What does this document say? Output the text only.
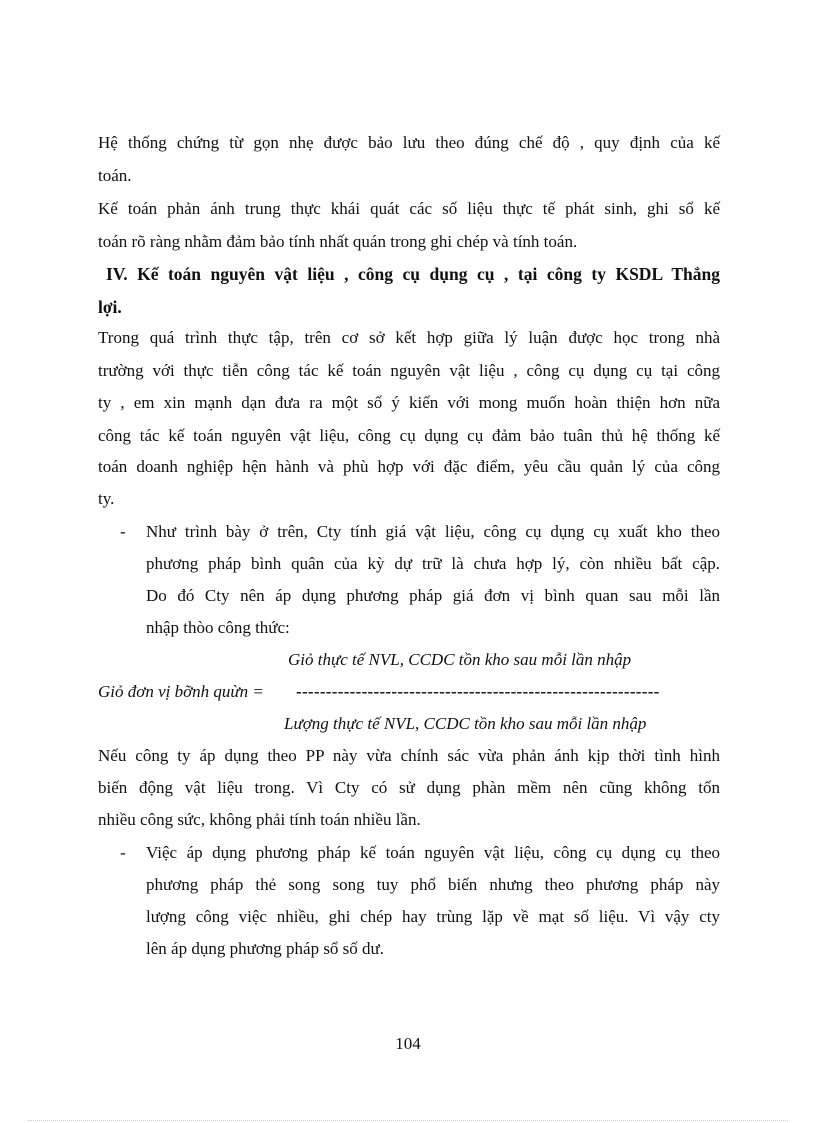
Hệ thống chứng từ gọn nhẹ được bảo lưu theo đúng chế độ , quy định của kế
toán.
Kế toán phản ánh trung thực khái quát các số liệu thực tế phát sinh, ghi sổ kế
toán rõ ràng nhằm đảm bảo tính nhất quán trong ghi chép và tính toán.
IV. Kế toán nguyên vật liệu , công cụ dụng cụ , tại công ty KSDL Thắng
lợi.
Trong quá trình thực tập, trên cơ sở kết hợp giữa lý luận được học trong nhà
trường với thực tiễn công tác kế toán nguyên vật liệu , công cụ dụng cụ tại công
ty , em xin mạnh dạn đưa ra một số ý kiến với mong muốn hoàn thiện hơn nữa
công tác kế toán nguyên vật liệu, công cụ dụng cụ đảm bảo tuân thủ hệ thống kế
toán doanh nghiệp hện hành và phù hợp với đặc điểm, yêu cầu quản lý của công
ty.
- Như trình bày ở trên, Cty tính giá vật liệu, công cụ dụng cụ xuất kho theo
phương pháp bình quân của kỳ dự trữ là chưa hợp lý, còn nhiều bất cập.
Do đó Cty nên áp dụng phương pháp giá đơn vị bình quan sau mỗi lần
nhập thòo công thức:
Giỏ thực tế NVL, CCDC tồn kho sau mỗi lần nhập
Giỏ đơn vị bỡnh quừn = -------------------------------------------------------------
Lượng thực tế NVL, CCDC tồn kho sau mỗi lần nhập
Nếu công ty áp dụng theo PP này vừa chính sác vừa phản ánh kịp thời tình hình
biến động vật liệu trong. Vì Cty có sử dụng phàn mềm nên cũng không tốn
nhiều công sức, không phải tính toán nhiều lần.
- Việc áp dụng phương pháp kế toán nguyên vật liệu, công cụ dụng cụ theo
phương pháp thẻ song song tuy phổ biến nhưng theo phương pháp này
lượng công việc nhiều, ghi chép hay trùng lặp về mạt số liệu. Vì vậy cty
lên áp dụng phương pháp sổ số dư.
104
